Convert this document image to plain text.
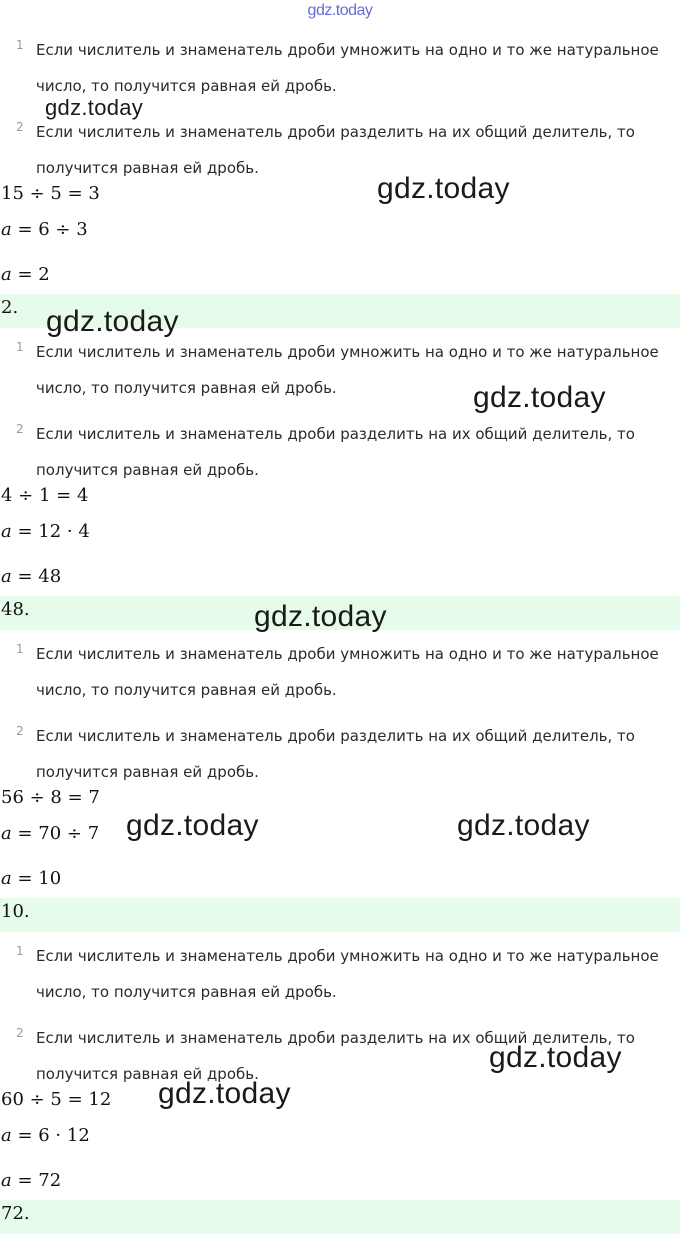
gdz.today
1 Если числитель и знаменатель дроби умножить на одно и то же натуральное число, то получится равная ей дробь.
2 Если числитель и знаменатель дроби разделить на их общий делитель, то получится равная ей дробь.
15 ÷ 5 = 3
a = 6 ÷ 3
a = 2
2.
1 Если числитель и знаменатель дроби умножить на одно и то же натуральное число, то получится равная ей дробь.
2 Если числитель и знаменатель дроби разделить на их общий делитель, то получится равная ей дробь.
4 ÷ 1 = 4
a = 12 · 4
a = 48
48.
1 Если числитель и знаменатель дроби умножить на одно и то же натуральное число, то получится равная ей дробь.
2 Если числитель и знаменатель дроби разделить на их общий делитель, то получится равная ей дробь.
56 ÷ 8 = 7
a = 70 ÷ 7
a = 10
10.
1 Если числитель и знаменатель дроби умножить на одно и то же натуральное число, то получится равная ей дробь.
2 Если числитель и знаменатель дроби разделить на их общий делитель, то получится равная ей дробь.
60 ÷ 5 = 12
a = 6 · 12
a = 72
72.
gdz.today
gdz.today
gdz.today
gdz.today
gdz.today
gdz.today	gdz.today
gdz.today
gdz.today
